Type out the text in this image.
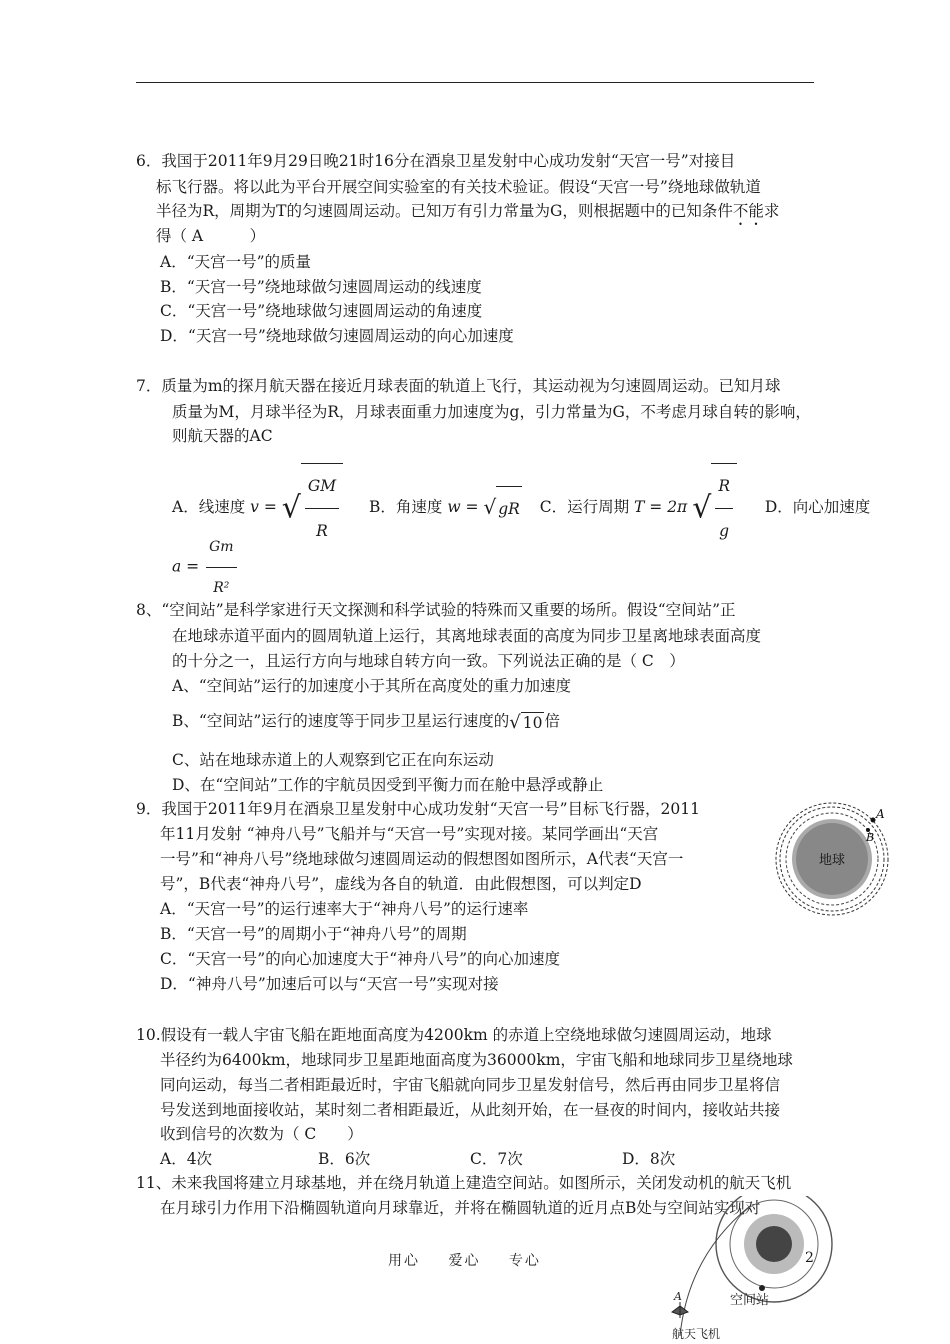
6．我国于2011年9月29日晚21时16分在酒泉卫星发射中心成功发射“天宫一号”对接目
标飞行器。将以此为平台开展空间实验室的有关技术验证。假设“天宫一号”绕地球做轨道
半径为R，周期为T的匀速圆周运动。已知万有引力常量为G，则根据题中的已知条件不能求
得（ A　　　）
A．“天宫一号”的质量
B．“天宫一号”绕地球做匀速圆周运动的线速度
C．“天宫一号”绕地球做匀速圆周运动的角速度
D．“天宫一号”绕地球做匀速圆周运动的向心加速度
7．质量为m的探月航天器在接近月球表面的轨道上飞行，其运动视为匀速圆周运动。已知月球
质量为M，月球半径为R，月球表面重力加速度为g，引力常量为G，不考虑月球自转的影响，
则航天器的AC
A．线速度 v = √ $\frac{GM}{R}$ B．角速度 w = √ gR C．运行周期 T = 2π √ $\frac{R}{g}$ D．向心加速度
$a = \frac{Gm}{\text{R²}}$
8、“空间站”是科学家进行天文探测和科学试验的特殊而又重要的场所。假设“空间站”正
在地球赤道平面内的圆周轨道上运行，其离地球表面的高度为同步卫星离地球表面高度
的十分之一，且运行方向与地球自转方向一致。下列说法正确的是（ C　）
A、“空间站”运行的加速度小于其所在高度处的重力加速度
B、“空间站”运行的速度等于同步卫星运行速度的√ 10 倍
C、站在地球赤道上的人观察到它正在向东运动
D、在“空间站”工作的宇航员因受到平衡力而在舱中悬浮或静止
9．我国于2011年9月在酒泉卫星发射中心成功发射“天宫一号”目标飞行器，2011
年11月发射 “神舟八号”飞船并与“天宫一号”实现对接。某同学画出“天宫
一号”和“神舟八号”绕地球做匀速圆周运动的假想图如图所示，A代表“天宫一
号”，B代表“神舟八号”，虚线为各自的轨道．由此假想图，可以判定D
A．“天宫一号”的运行速率大于“神舟八号”的运行速率
B．“天宫一号”的周期小于“神舟八号”的周期
C．“天宫一号”的向心加速度大于“神舟八号”的向心加速度
D．“神舟八号”加速后可以与“天宫一号”实现对接
地球
A
B
10.假设有一载人宇宙飞船在距地面高度为4200km 的赤道上空绕地球做匀速圆周运动，地球
半径约为6400km，地球同步卫星距地面高度为36000km，宇宙飞船和地球同步卫星绕地球
同向运动，每当二者相距最近时，宇宙飞船就向同步卫星发射信号，然后再由同步卫星将信
号发送到地面接收站，某时刻二者相距最近，从此刻开始，在一昼夜的时间内，接收站共接
收到信号的次数为（ C　　）
A．4次	B．6次	C．7次	D．8次
11、未来我国将建立月球基地，并在绕月轨道上建造空间站。如图所示，关闭发动机的航天飞机
在月球引力作用下沿椭圆轨道向月球靠近，并将在椭圆轨道的近月点B处与空间站实现对
空间站
A
航天飞机
用心 爱心 专心	2
